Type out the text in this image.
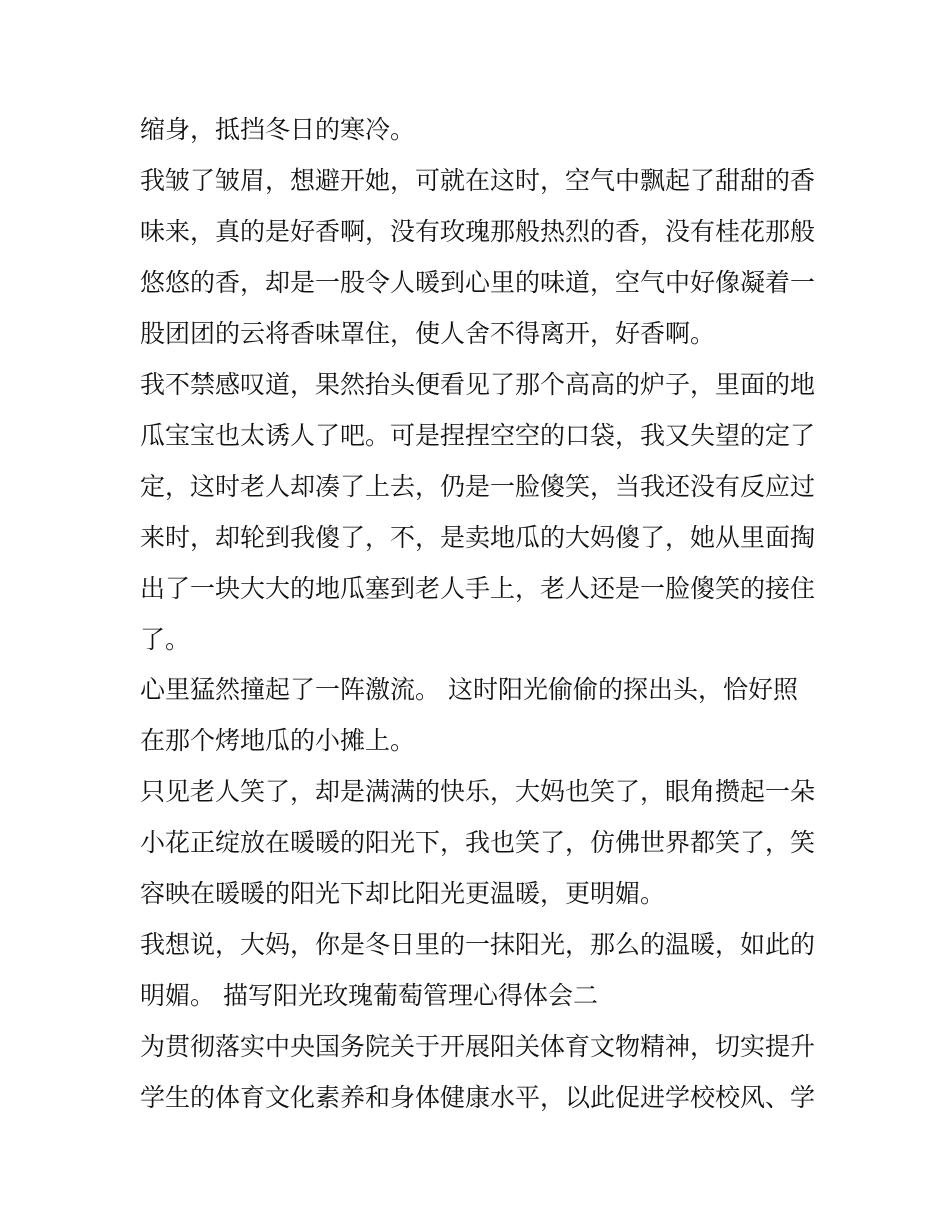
缩身，抵挡冬日的寒冷。

我皱了皱眉，想避开她，可就在这时，空气中飘起了甜甜的香

味来，真的是好香啊，没有玫瑰那般热烈的香，没有桂花那般

悠悠的香，却是一股令人暖到心里的味道，空气中好像凝着一

股团团的云将香味罩住，使人舍不得离开，好香啊。

我不禁感叹道，果然抬头便看见了那个高高的炉子，里面的地

瓜宝宝也太诱人了吧。可是捏捏空空的口袋，我又失望的定了

定，这时老人却凑了上去，仍是一脸傻笑，当我还没有反应过

来时，却轮到我傻了，不，是卖地瓜的大妈傻了，她从里面掏

出了一块大大的地瓜塞到老人手上，老人还是一脸傻笑的接住

了。

心里猛然撞起了一阵激流。 这时阳光偷偷的探出头，恰好照

在那个烤地瓜的小摊上。

只见老人笑了，却是满满的快乐，大妈也笑了，眼角攒起一朵

小花正绽放在暖暖的阳光下，我也笑了，仿佛世界都笑了，笑

容映在暖暖的阳光下却比阳光更温暖，更明媚。

我想说，大妈，你是冬日里的一抹阳光，那么的温暖，如此的

明媚。 描写阳光玫瑰葡萄管理心得体会二

为贯彻落实中央国务院关于开展阳关体育文物精神，切实提升

学生的体育文化素养和身体健康水平，以此促进学校校风、学
